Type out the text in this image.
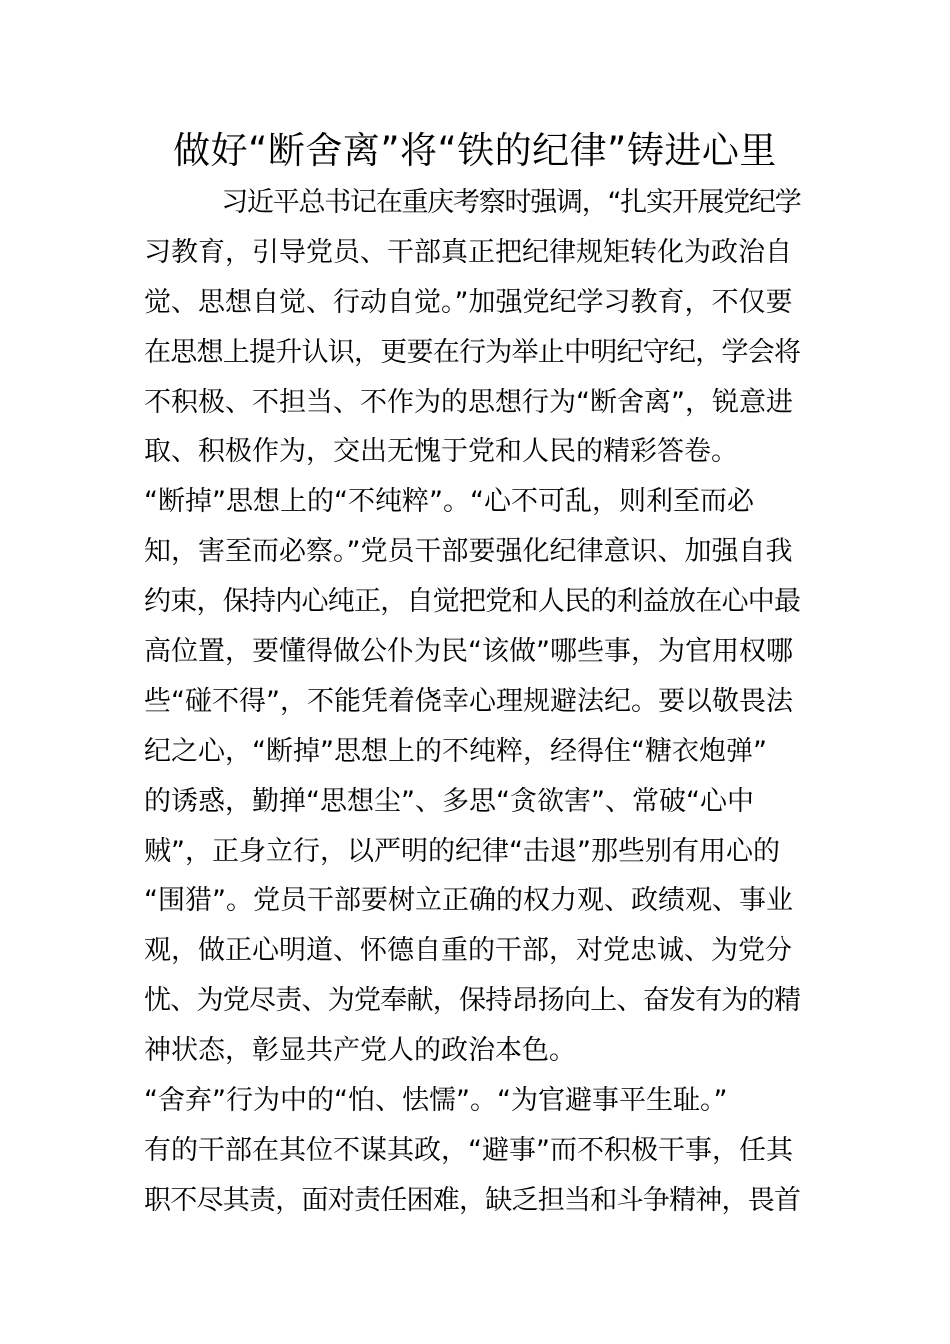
做好“断舍离”将“铁的纪律”铸进心里
　　　习近平总书记在重庆考察时强调，“扎实开展党纪学
习教育，引导党员、干部真正把纪律规矩转化为政治自
觉、思想自觉、行动自觉。”加强党纪学习教育，不仅要
在思想上提升认识，更要在行为举止中明纪守纪，学会将
不积极、不担当、不作为的思想行为“断舍离”，锐意进
取、积极作为，交出无愧于党和人民的精彩答卷。
“断掉”思想上的“不纯粹”。“心不可乱，则利至而必
知，害至而必察。”党员干部要强化纪律意识、加强自我
约束，保持内心纯正，自觉把党和人民的利益放在心中最
高位置，要懂得做公仆为民“该做”哪些事，为官用权哪
些“碰不得”，不能凭着侥幸心理规避法纪。要以敬畏法
纪之心，“断掉”思想上的不纯粹，经得住“糖衣炮弹”
的诱惑，勤掸“思想尘”、多思“贪欲害”、常破“心中
贼”，正身立行，以严明的纪律“击退”那些别有用心的
“围猎”。党员干部要树立正确的权力观、政绩观、事业
观，做正心明道、怀德自重的干部，对党忠诚、为党分
忧、为党尽责、为党奉献，保持昂扬向上、奋发有为的精
神状态，彰显共产党人的政治本色。
“舍弃”行为中的“怕、怯懦”。“为官避事平生耻。”
有的干部在其位不谋其政，“避事”而不积极干事，任其
职不尽其责，面对责任困难，缺乏担当和斗争精神，畏首
